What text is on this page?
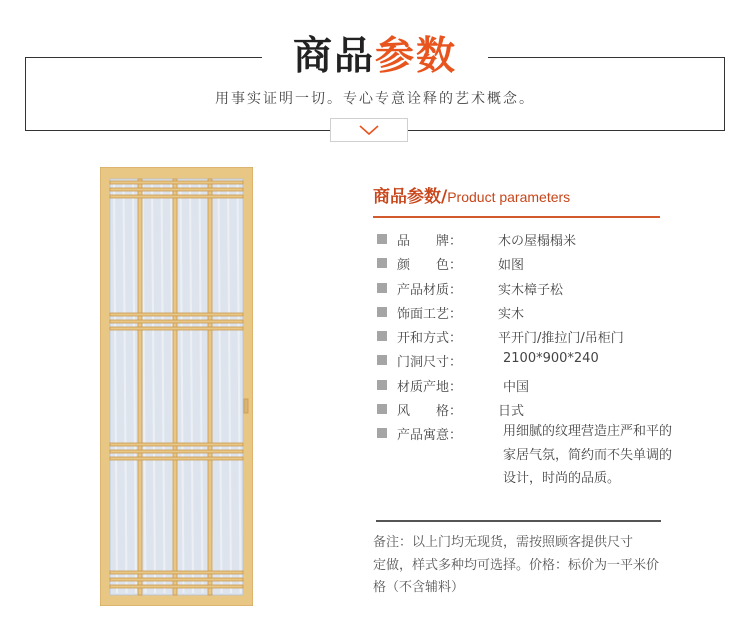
商品参数
用事实证明一切。专心专意诠释的艺术概念。
商品参数/Product parameters
品　　牌：	木の屋榻榻米
颜　　色：	如图
产品材质：	实木樟子松
饰面工艺：	实木
开和方式：	平开门/推拉门/吊柜门
门洞尺寸：	2100*900*240
材质产地：	中国
风　　格：	日式
产品寓意：	用细腻的纹理营造庄严和平的
家居气氛，简约而不失单调的
设计，时尚的品质。
备注：以上门均无现货，需按照顾客提供尺寸
定做，样式多种均可选择。价格：标价为一平米价
格（不含辅料）
